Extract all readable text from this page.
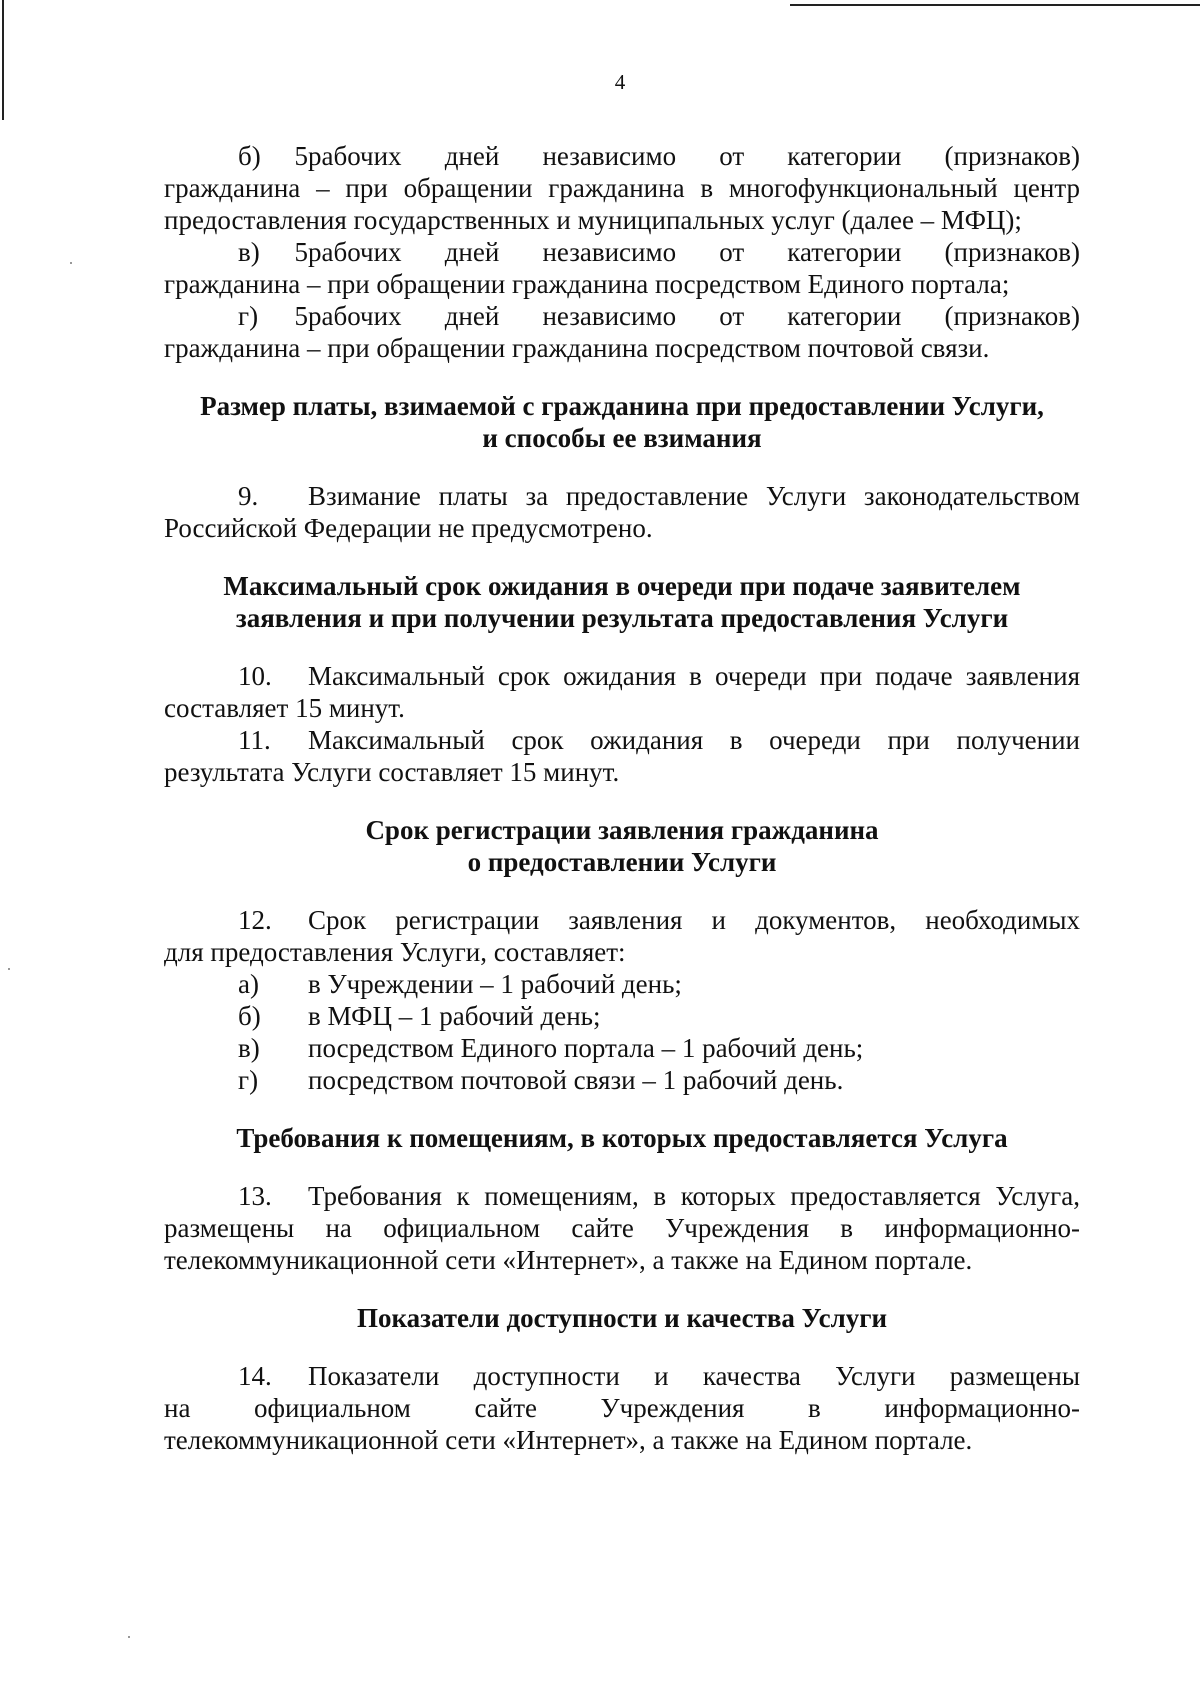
4
б) 5рабочих дней независимо от категории (признаков)
гражданина – при обращении гражданина в многофункциональный центр
предоставления государственных и муниципальных услуг (далее – МФЦ);
в) 5рабочих дней независимо от категории (признаков)
гражданина – при обращении гражданина посредством Единого портала;
г) 5рабочих дней независимо от категории (признаков)
гражданина – при обращении гражданина посредством почтовой связи.
Размер платы, взимаемой с гражданина при предоставлении Услуги,
и способы ее взимания
9. Взимание платы за предоставление Услуги законодательством
Российской Федерации не предусмотрено.
Максимальный срок ожидания в очереди при подаче заявителем
заявления и при получении результата предоставления Услуги
10. Максимальный срок ожидания в очереди при подаче заявления
составляет 15 минут.
11. Максимальный срок ожидания в очереди при получении
результата Услуги составляет 15 минут.
Срок регистрации заявления гражданина
о предоставлении Услуги
12. Срок регистрации заявления и документов, необходимых
для предоставления Услуги, составляет:
а) в Учреждении – 1 рабочий день;
б) в МФЦ – 1 рабочий день;
в) посредством Единого портала – 1 рабочий день;
г) посредством почтовой связи – 1 рабочий день.
Требования к помещениям, в которых предоставляется Услуга
13. Требования к помещениям, в которых предоставляется Услуга,
размещены на официальном сайте Учреждения в информационно-
телекоммуникационной сети «Интернет», а также на Едином портале.
Показатели доступности и качества Услуги
14. Показатели доступности и качества Услуги размещены
на официальном сайте Учреждения в информационно-
телекоммуникационной сети «Интернет», а также на Едином портале.
